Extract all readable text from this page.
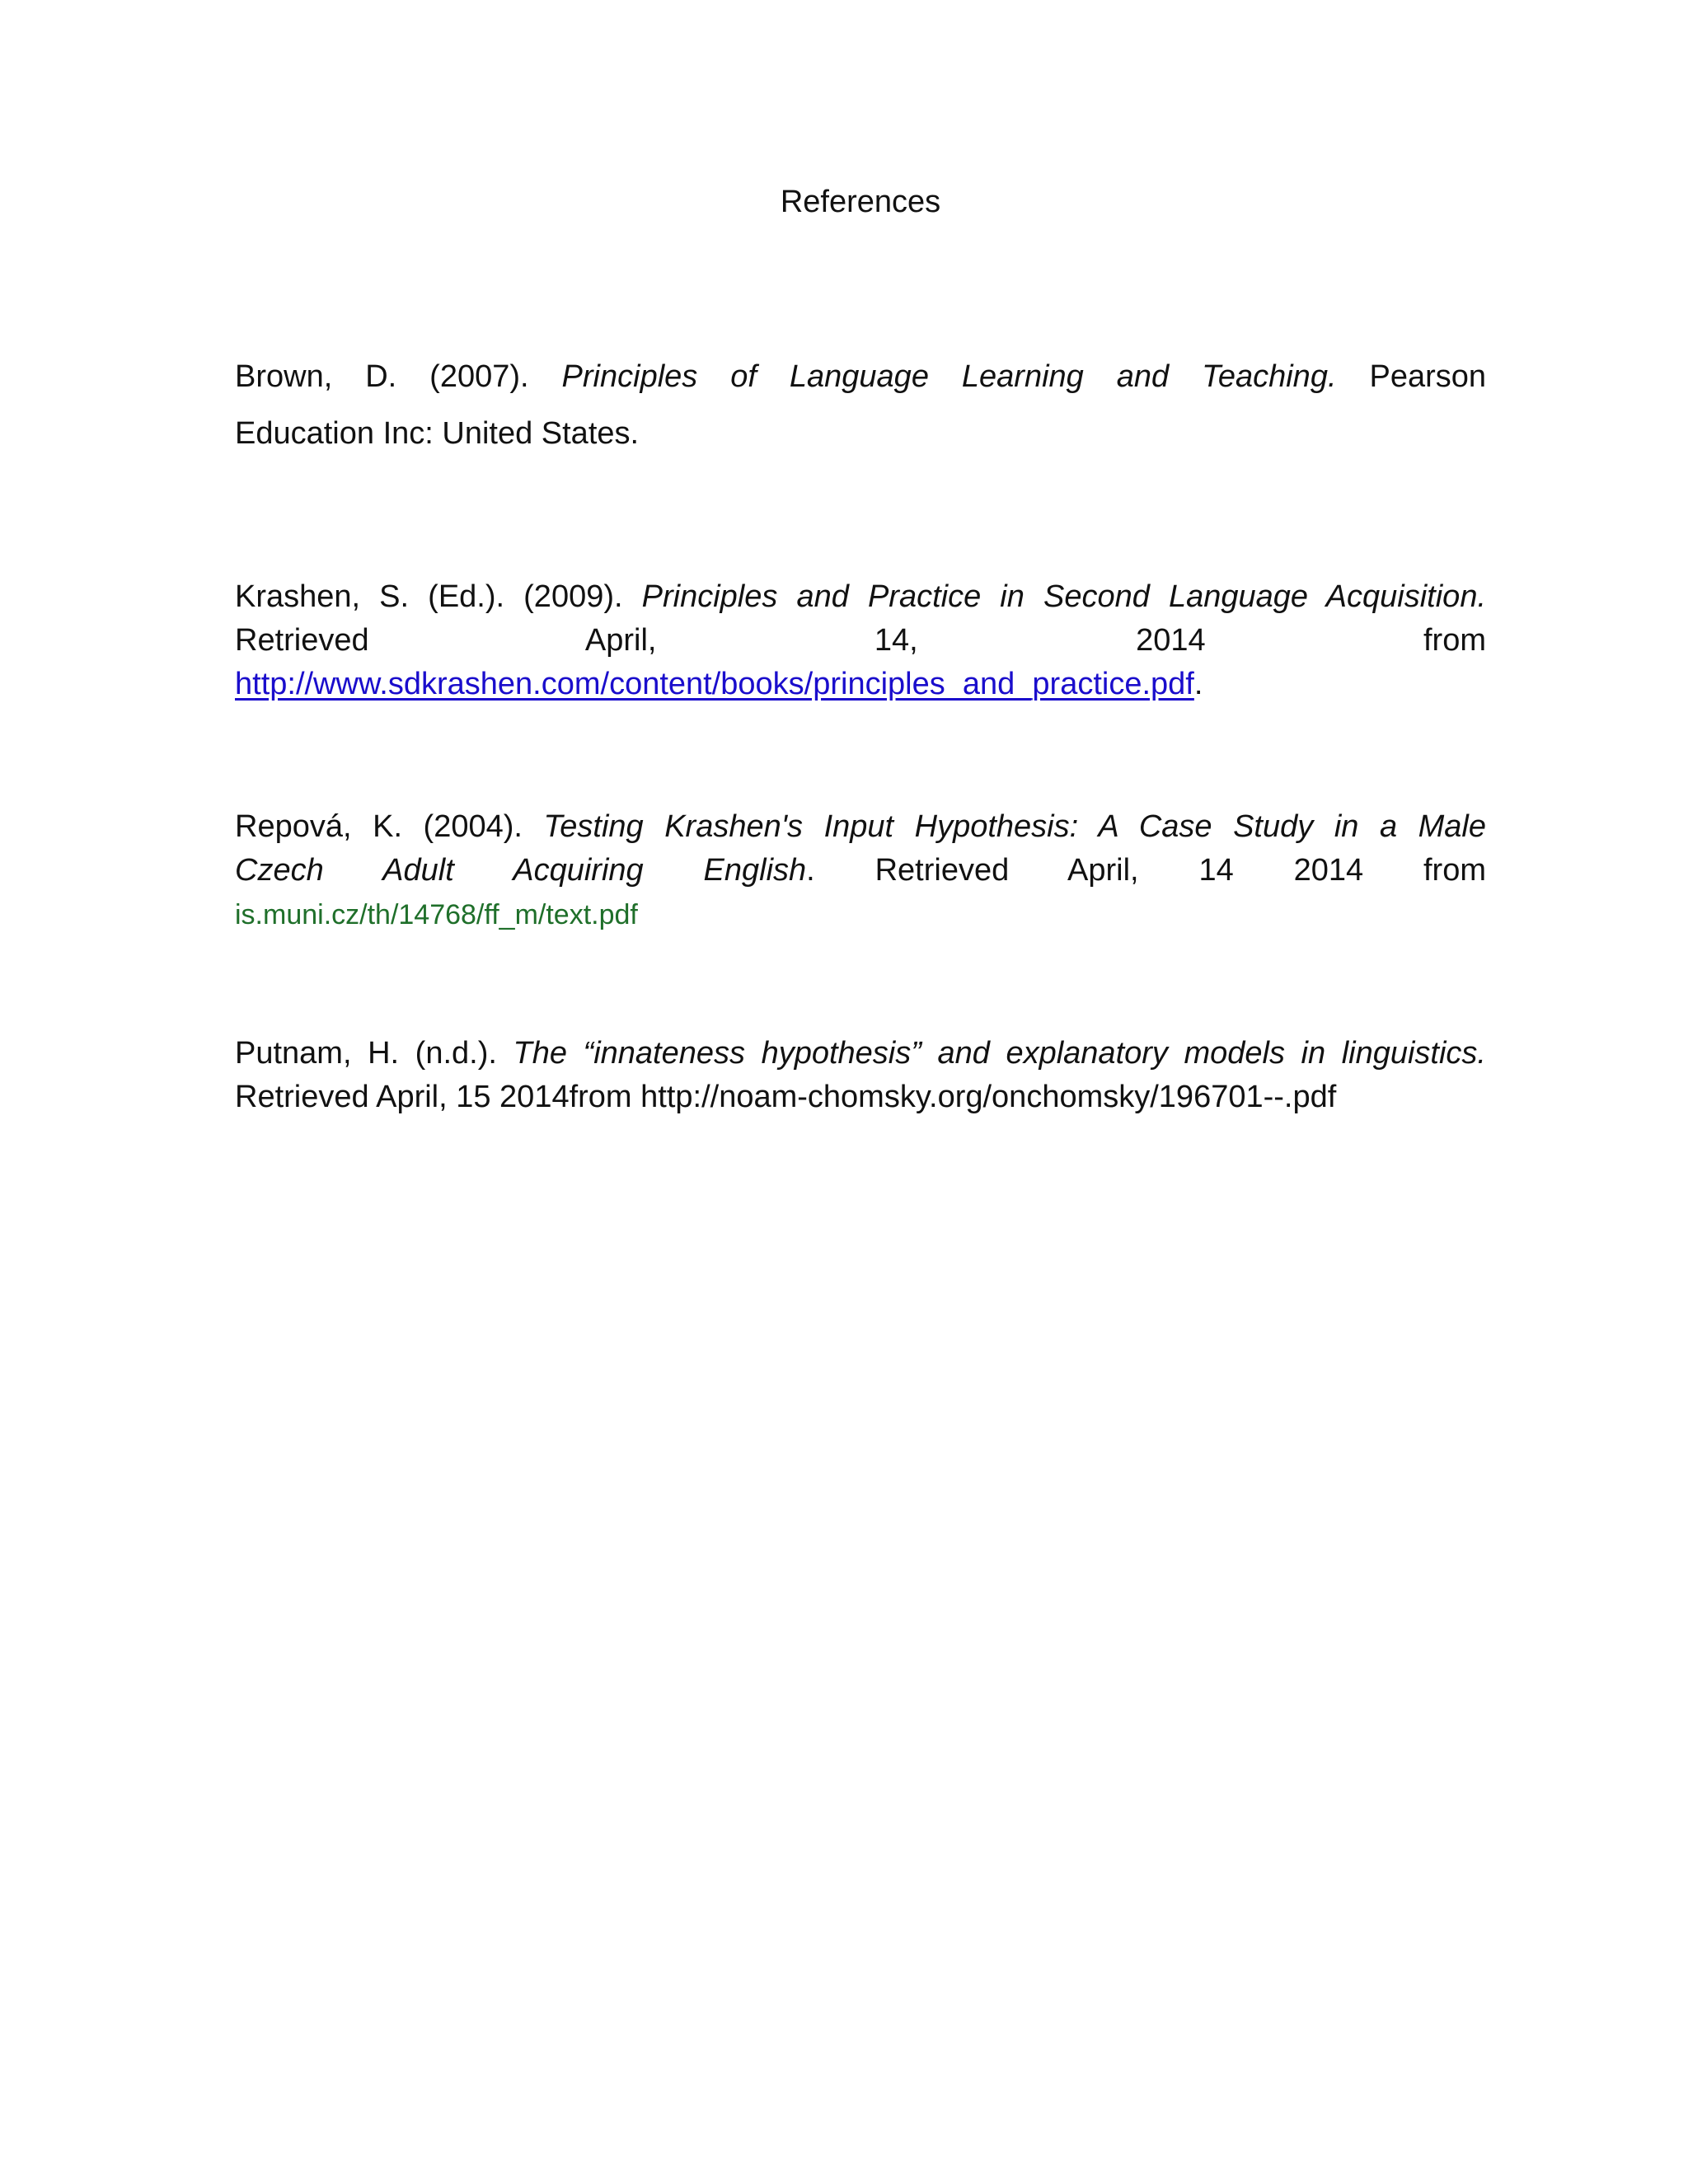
References
Brown, D. (2007). Principles of Language Learning and Teaching. Pearson
Education Inc: United States.
Krashen, S. (Ed.). (2009). Principles and Practice in Second Language Acquisition.
Retrieved April, 14, 2014 from
http://www.sdkrashen.com/content/books/principles_and_practice.pdf.
Repová, K. (2004). Testing Krashen's Input Hypothesis: A Case Study in a Male
Czech Adult Acquiring English. Retrieved April, 14 2014 from
is.muni.cz/th/14768/ff_m/text.pdf
Putnam, H. (n.d.). The “innateness hypothesis” and explanatory models in linguistics.
Retrieved April, 15 2014from http://noam-chomsky.org/onchomsky/196701--.pdf
